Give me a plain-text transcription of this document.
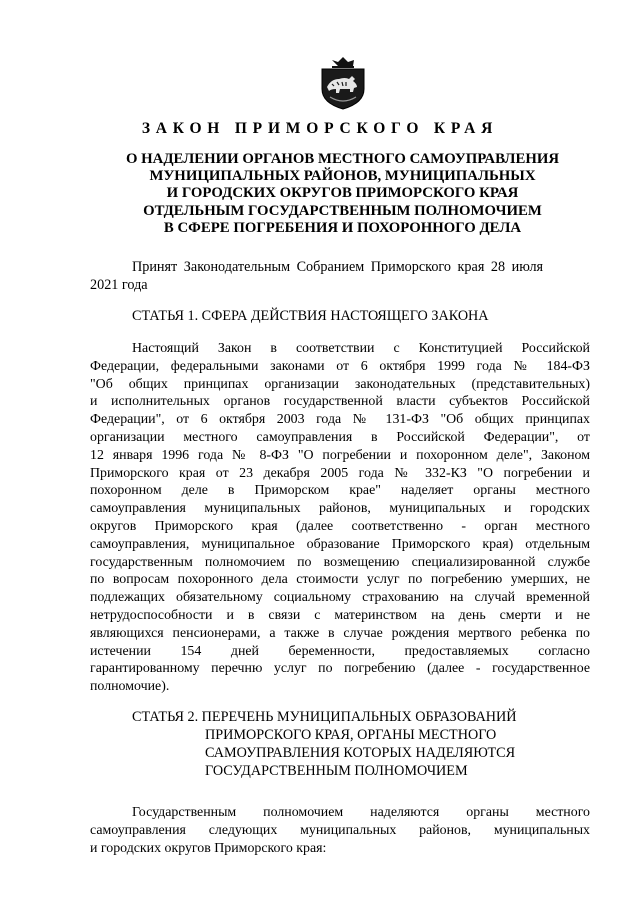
ЗАКОН ПРИМОРСКОГО КРАЯ
О НАДЕЛЕНИИ ОРГАНОВ МЕСТНОГО САМОУПРАВЛЕНИЯ
МУНИЦИПАЛЬНЫХ РАЙОНОВ, МУНИЦИПАЛЬНЫХ
И ГОРОДСКИХ ОКРУГОВ ПРИМОРСКОГО КРАЯ
ОТДЕЛЬНЫМ ГОСУДАРСТВЕННЫМ ПОЛНОМОЧИЕМ
В СФЕРЕ ПОГРЕБЕНИЯ И ПОХОРОННОГО ДЕЛА

Принят Законодательным Собранием Приморского края 28 июля
2021 года

СТАТЬЯ 1. СФЕРА ДЕЙСТВИЯ НАСТОЯЩЕГО ЗАКОНА

Настоящий Закон в соответствии с Конституцией Российской
Федерации, федеральными законами от 6 октября 1999 года № 184-ФЗ
"Об общих принципах организации законодательных (представительных)
и исполнительных органов государственной власти субъектов Российской
Федерации", от 6 октября 2003 года № 131-ФЗ "Об общих принципах
организации местного самоуправления в Российской Федерации", от
12 января 1996 года № 8-ФЗ "О погребении и похоронном деле", Законом
Приморского края от 23 декабря 2005 года № 332-КЗ "О погребении и
похоронном деле в Приморском крае" наделяет органы местного
самоуправления муниципальных районов, муниципальных и городских
округов Приморского края (далее соответственно - орган местного
самоуправления, муниципальное образование Приморского края) отдельным
государственным полномочием по возмещению специализированной службе
по вопросам похоронного дела стоимости услуг по погребению умерших, не
подлежащих обязательному социальному страхованию на случай временной
нетрудоспособности и в связи с материнством на день смерти и не
являющихся пенсионерами, а также в случае рождения мертвого ребенка по
истечении 154 дней беременности, предоставляемых согласно
гарантированному перечню услуг по погребению (далее - государственное
полномочие).

СТАТЬЯ 2. ПЕРЕЧЕНЬ МУНИЦИПАЛЬНЫХ ОБРАЗОВАНИЙ
ПРИМОРСКОГО КРАЯ, ОРГАНЫ МЕСТНОГО
САМОУПРАВЛЕНИЯ КОТОРЫХ НАДЕЛЯЮТСЯ
ГОСУДАРСТВЕННЫМ ПОЛНОМОЧИЕМ

Государственным полномочием наделяются органы местного
самоуправления следующих муниципальных районов, муниципальных
и городских округов Приморского края:
